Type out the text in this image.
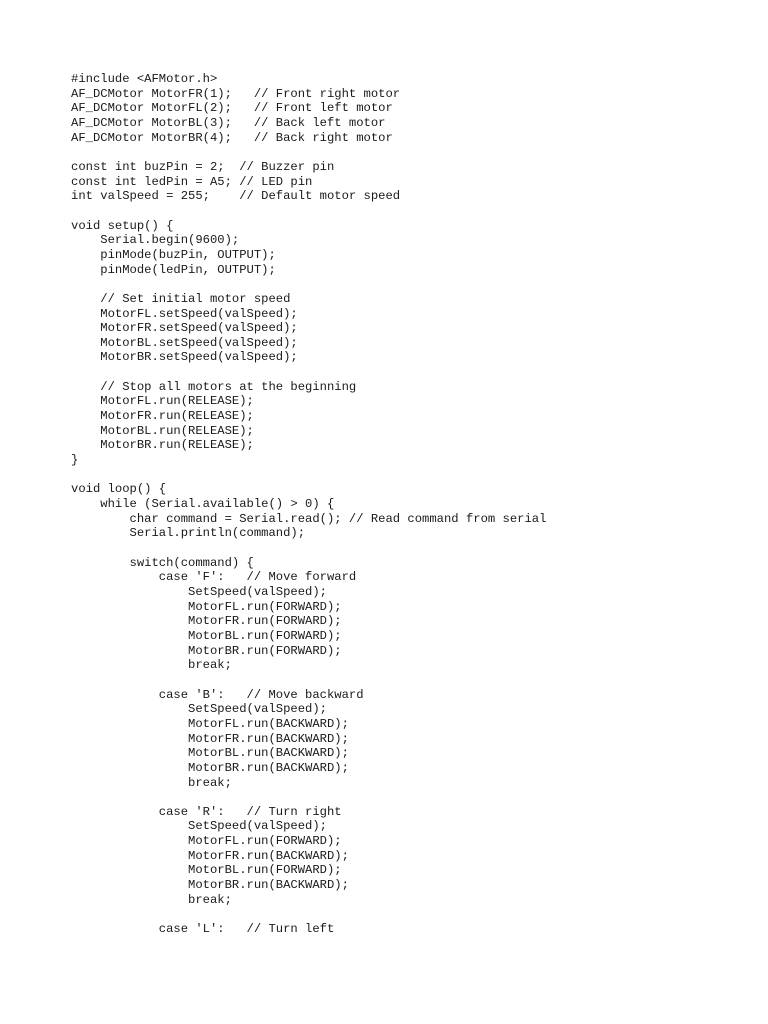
#include <AFMotor.h>
AF_DCMotor MotorFR(1);   // Front right motor
AF_DCMotor MotorFL(2);   // Front left motor
AF_DCMotor MotorBL(3);   // Back left motor
AF_DCMotor MotorBR(4);   // Back right motor
const int buzPin = 2;  // Buzzer pin
const int ledPin = A5; // LED pin
int valSpeed = 255;    // Default motor speed
void setup() {
Serial.begin(9600);
pinMode(buzPin, OUTPUT);
pinMode(ledPin, OUTPUT);
// Set initial motor speed
MotorFL.setSpeed(valSpeed);
MotorFR.setSpeed(valSpeed);
MotorBL.setSpeed(valSpeed);
MotorBR.setSpeed(valSpeed);
// Stop all motors at the beginning
MotorFL.run(RELEASE);
MotorFR.run(RELEASE);
MotorBL.run(RELEASE);
MotorBR.run(RELEASE);
}
void loop() {
while (Serial.available() > 0) {
char command = Serial.read(); // Read command from serial
Serial.println(command);
switch(command) {
case 'F':   // Move forward
SetSpeed(valSpeed);
MotorFL.run(FORWARD);
MotorFR.run(FORWARD);
MotorBL.run(FORWARD);
MotorBR.run(FORWARD);
break;
case 'B':   // Move backward
SetSpeed(valSpeed);
MotorFL.run(BACKWARD);
MotorFR.run(BACKWARD);
MotorBL.run(BACKWARD);
MotorBR.run(BACKWARD);
break;
case 'R':   // Turn right
SetSpeed(valSpeed);
MotorFL.run(FORWARD);
MotorFR.run(BACKWARD);
MotorBL.run(FORWARD);
MotorBR.run(BACKWARD);
break;
case 'L':   // Turn left
